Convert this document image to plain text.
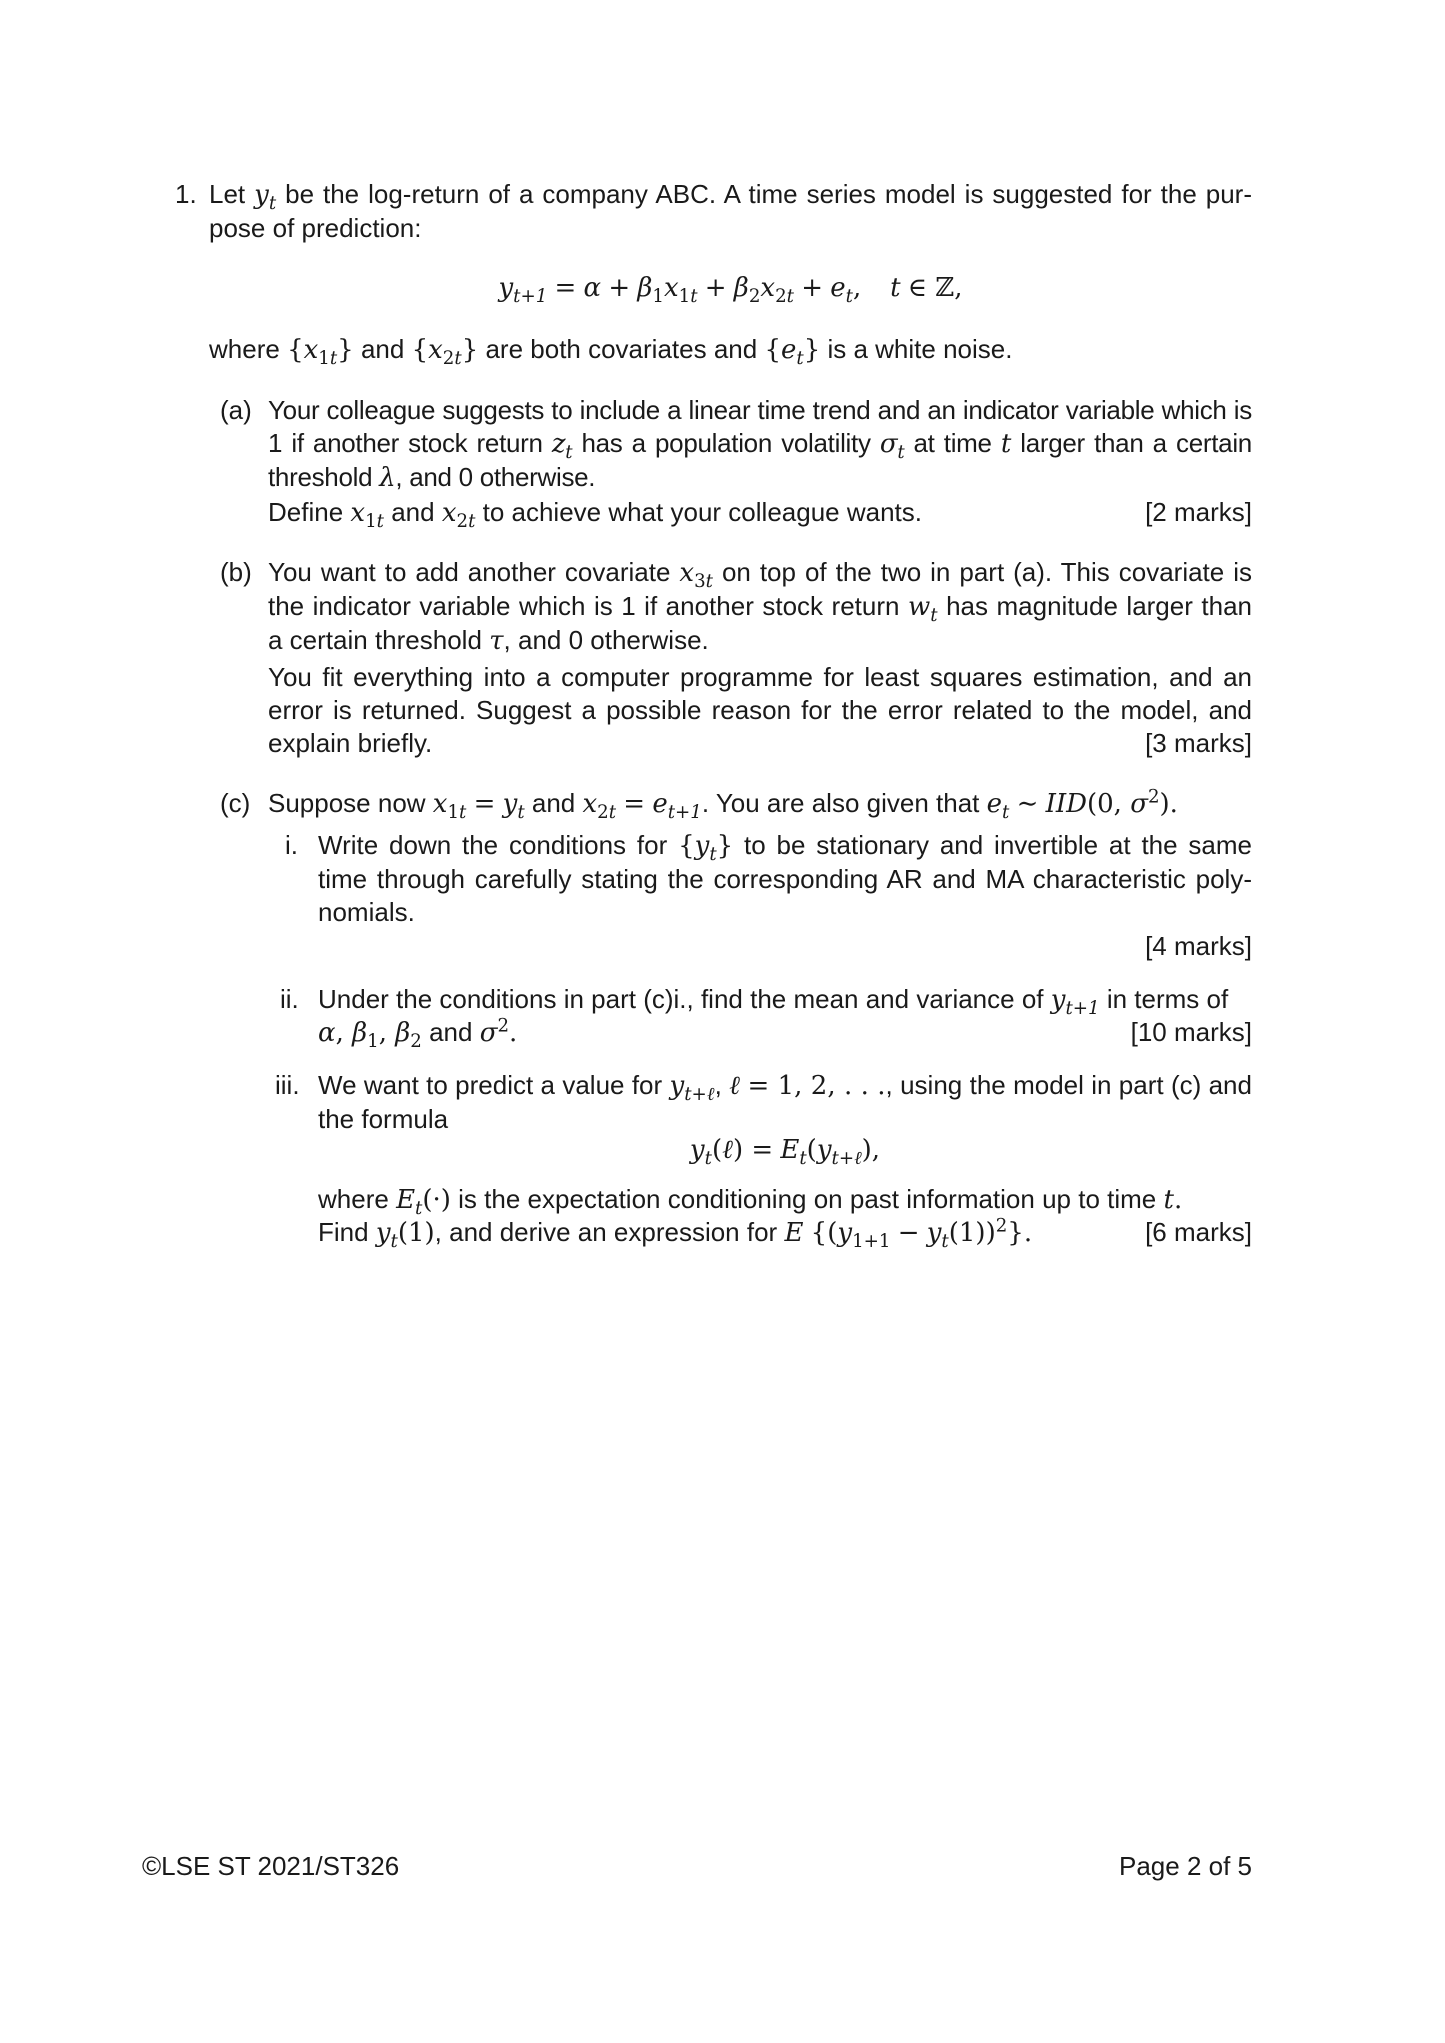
1. Let $y_t$ be the log-return of a company ABC. A time series model is suggested for the pur-pose of prediction:
$y_{t+1} = \alpha + \beta_1x_{1t} + \beta_2x_{2t} + e_t$, t ∈ ℤ,
where $\{x_{1t}\}$ and $\{x_{2t}\}$ are both covariates and $\{e_t\}$ is a white noise.
(a) Your colleague suggests to include a linear time trend and an indicator variable which is 1 if another stock return $z_t$ has a population volatility $\sigma_t$ at time t larger than a certain threshold λ, and 0 otherwise.
Define $x_{1t}$ and $x_{2t}$ to achieve what your colleague wants.	[2 marks]
(b) You want to add another covariate $x_{3t}$ on top of the two in part (a). This covariate is the indicator variable which is 1 if another stock return $w_t$ has magnitude larger than a certain threshold τ, and 0 otherwise.
You fit everything into a computer programme for least squares estimation, and an error is returned. Suggest a possible reason for the error related to the model, and explain briefly.	[3 marks]
(c) Suppose now $x_{1t} = y_t$ and $x_{2t} = e_{t+1}$. You are also given that $e_t$ ∼ IID(0, $\sigma^2$).
i. Write down the conditions for $\{y_t\}$ to be stationary and invertible at the same time through carefully stating the corresponding AR and MA characteristic poly-nomials.
[4 marks]
ii. Under the conditions in part (c)i., find the mean and variance of $y_{t+1}$ in terms of
α, $\beta_1$, $\beta_2$ and $\sigma^2$.	[10 marks]
iii. We want to predict a value for $y_{t+\ell}$, ℓ = 1, 2, . . ., using the model in part (c) and the formula
$y_t(\ell) = E_t(y_{t+\ell})$,
where $E_t(\cdot)$ is the expectation conditioning on past information up to time t.
Find $y_t(1)$, and derive an expression for E $\{(y_{1+1} - y_t(1))^2\}$.	[6 marks]
©LSE ST 2021/ST326	Page 2 of 5
